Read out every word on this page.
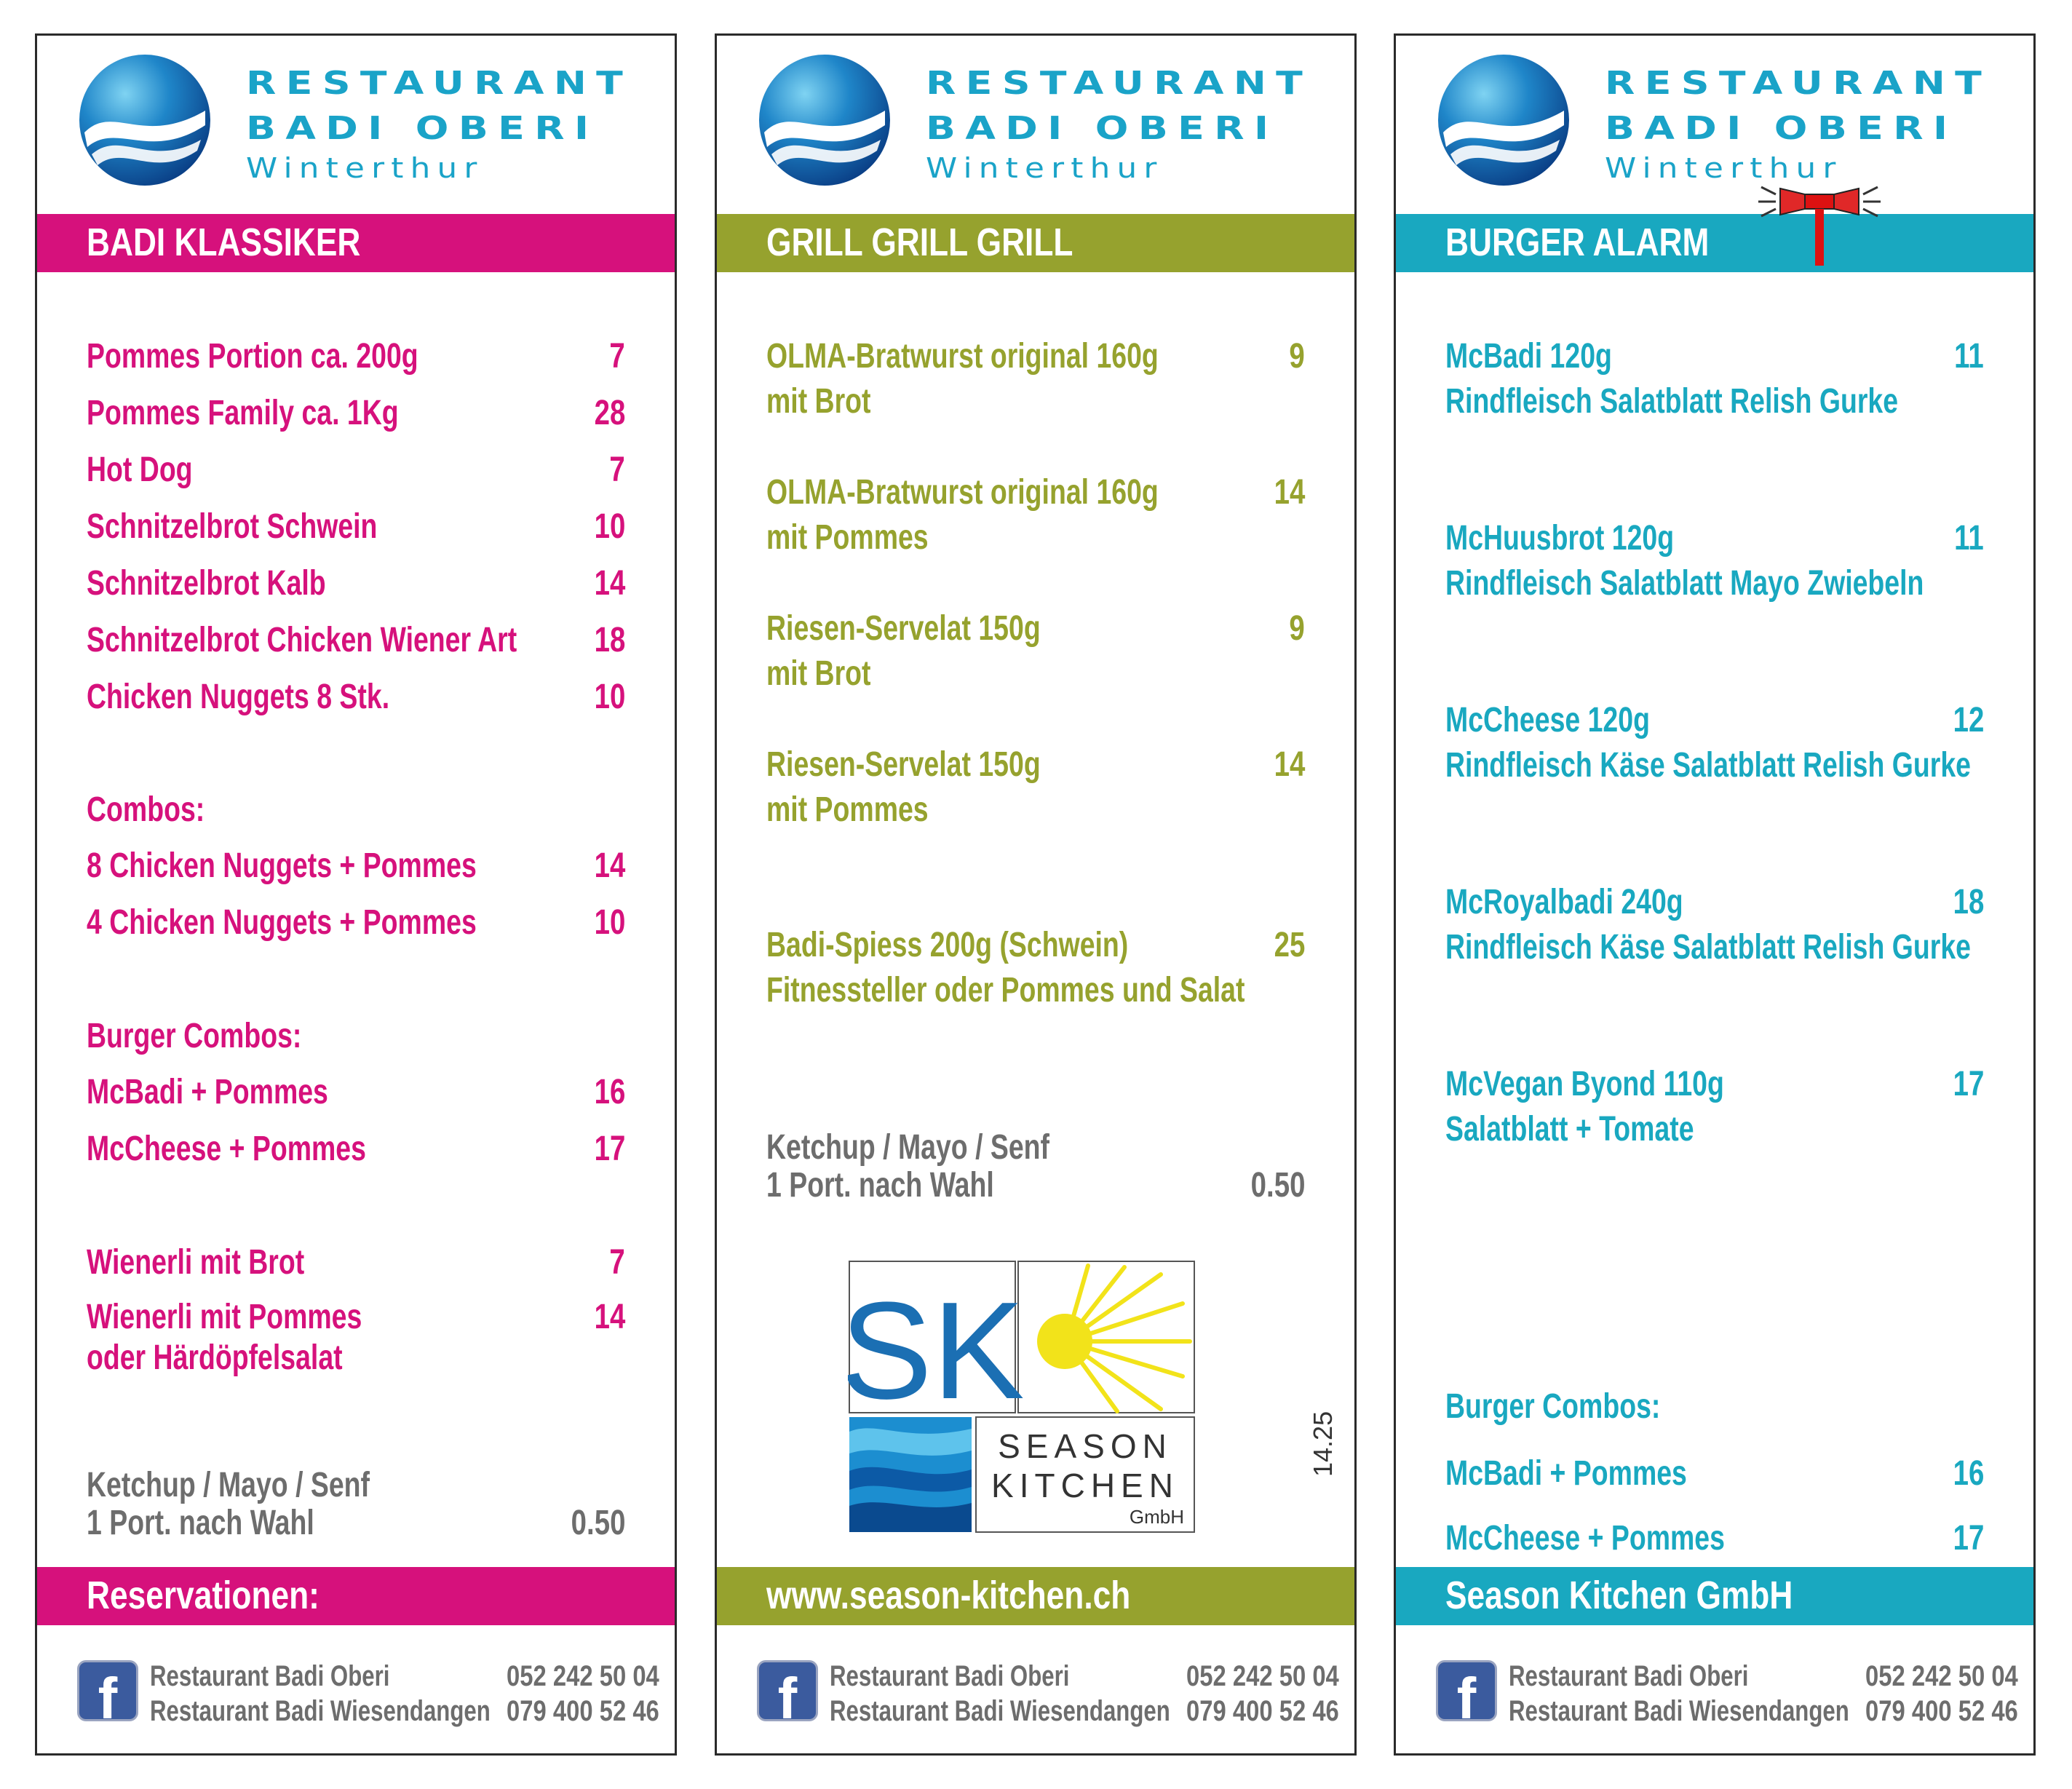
RESTAURANT
BADI OBERI
Winterthur
BADI KLASSIKER
Pommes Portion ca. 200g	7
Pommes Family ca. 1Kg	28
Hot Dog	7
Schnitzelbrot Schwein	10
Schnitzelbrot Kalb	14
Schnitzelbrot Chicken Wiener Art 18
Chicken Nuggets 8 Stk.	10
Combos:
8 Chicken Nuggets + Pommes	14
4 Chicken Nuggets + Pommes	10
Burger Combos:
McBadi + Pommes	16
McCheese + Pommes	17
Wienerli mit Brot	7
Wienerli mit Pommes
oder Härdöpfelsalat
14
Ketchup / Mayo / Senf
1 Port. nach Wahl	0.50
Reservationen:
f	Restaurant Badi Oberi	052 242 50 04
Restaurant Badi Wiesendangen 079 400 52 46
RESTAURANT
BADI OBERI
Winterthur
GRILL GRILL GRILL
OLMA-Bratwurst original 160g
mit Brot
9
OLMA-Bratwurst original 160g
mit Pommes
14
Riesen-Servelat 150g
mit Brot
9
Riesen-Servelat 150g
mit Pommes
14
Badi-Spiess 200g (Schwein)
Fitnessteller oder Pommes und Salat
25
Ketchup / Mayo / Senf
1 Port. nach Wahl	0.50
SK
SEASON
KITCHEN
GmbH
14.25
www.season-kitchen.ch
f	Restaurant Badi Oberi	052 242 50 04
Restaurant Badi Wiesendangen 079 400 52 46
RESTAURANT
BADI OBERI
Winterthur
BURGER ALARM
McBadi 120g
Rindfleisch Salatblatt Relish Gurke
11
McHuusbrot 120g
Rindfleisch Salatblatt Mayo Zwiebeln
11
McCheese 120g
Rindfleisch Käse Salatblatt Relish Gurke
12
McRoyalbadi 240g
Rindfleisch Käse Salatblatt Relish Gurke
18
McVegan Byond 110g
Salatblatt + Tomate
17
Burger Combos:
McBadi + Pommes	16
McCheese + Pommes	17
Season Kitchen GmbH
f	Restaurant Badi Oberi	052 242 50 04
Restaurant Badi Wiesendangen 079 400 52 46
